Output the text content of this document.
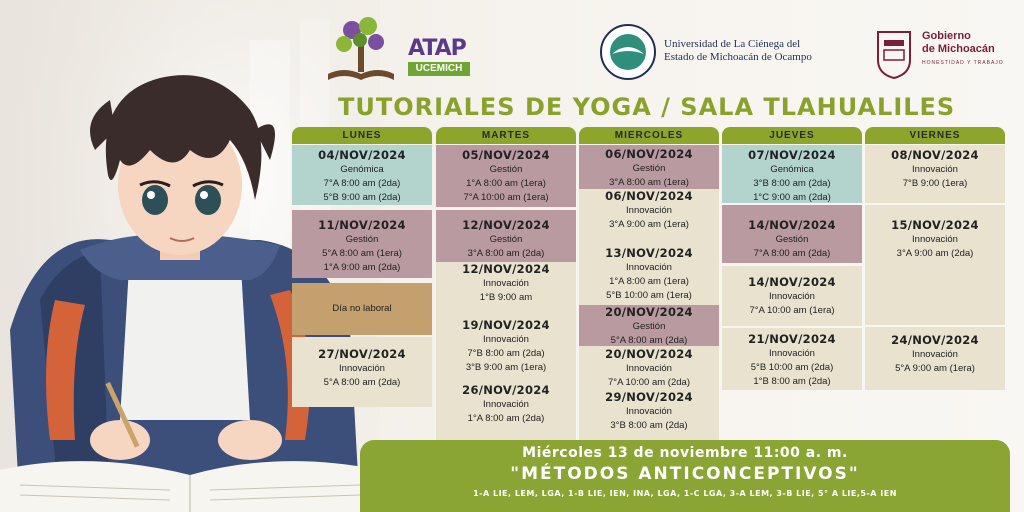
ATAP
UCEMICH
Universidad de La Ciénega del
Estado de Michoacán de Ocampo
Gobierno
de Michoacán
HONESTIDAD Y TRABAJO
TUTORIALES DE YOGA / SALA TLAHUALILES
LUNES
04/NOV/2024
Genómica
7°A 8:00 am (2da)
5°B 9:00 am (2da)
11/NOV/2024
Gestión
5°A 8:00 am (1era)
1°A 9:00 am (2da)
Día no laboral
27/NOV/2024
Innovación
5°A 8:00 am (2da)
MARTES
05/NOV/2024
Gestión
1°A 8:00 am (1era)
7°A 10:00 am (1era)
12/NOV/2024
Gestión
3°A 8:00 am (2da)
12/NOV/2024
Innovación
1°B 9:00 am
19/NOV/2024
Innovación
7°B 8:00 am (2da)
3°B 9:00 am (1era)
26/NOV/2024
Innovación
1°A 8:00 am (2da)
MIERCOLES
06/NOV/2024
Gestión
3°A 8:00 am (1era)
06/NOV/2024
Innovación
3°A 9:00 am (1era)
13/NOV/2024
Innovación
1°A 8:00 am (1era)
5°B 10:00 am (1era)
20/NOV/2024
Gestión
5°A 8:00 am (2da)
20/NOV/2024
Innovación
7°A 10:00 am (2da)
29/NOV/2024
Innovación
3°B 8:00 am (2da)
JUEVES
07/NOV/2024
Genómica
3°B 8:00 am (2da)
1°C 9:00 am (2da)
14/NOV/2024
Gestión
7°A 8:00 am (2da)
14/NOV/2024
Innovación
7°A 10:00 am (1era)
21/NOV/2024
Innovación
5°B 10:00 am (2da)
1°B 8:00 am (2da)
VIERNES
08/NOV/2024
Innovación
7°B 9:00 (1era)
15/NOV/2024
Innovación
3°A 9:00 am (2da)
24/NOV/2024
Innovación
5°A 9:00 am (1era)
Miércoles 13 de noviembre 11:00 a. m.
"MÉTODOS ANTICONCEPTIVOS"
1-A LIE, LEM, LGA, 1-B LIE, IEN, INA, LGA, 1-C LGA, 3-A LEM, 3-B LIE, 5° A LIE,5-A IEN
